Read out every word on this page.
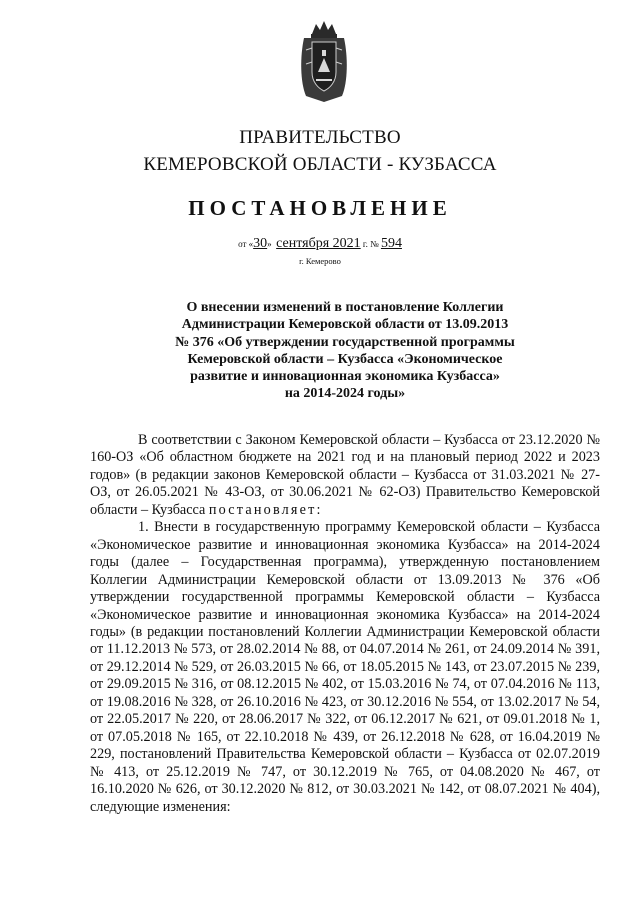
ПРАВИТЕЛЬСТВО
КЕМЕРОВСКОЙ ОБЛАСТИ - КУЗБАССА
ПОСТАНОВЛЕНИЕ
от «30» сентября 2021 г. № 594
г. Кемерово
О внесении изменений в постановление Коллегии
Администрации Кемеровской области от 13.09.2013
№ 376 «Об утверждении государственной программы
Кемеровской области – Кузбасса «Экономическое
развитие и инновационная экономика Кузбасса»
на 2014-2024 годы»

В соответствии с Законом Кемеровской области – Кузбасса от 23.12.2020 № 160-ОЗ «Об областном бюджете на 2021 год и на плановый период 2022 и 2023 годов» (в редакции законов Кемеровской области – Кузбасса от 31.03.2021 № 27-ОЗ, от 26.05.2021 № 43-ОЗ, от 30.06.2021 № 62-ОЗ) Правительство Кемеровской области – Кузбасса постановляет:

1. Внести в государственную программу Кемеровской области – Кузбасса «Экономическое развитие и инновационная экономика Кузбасса» на 2014-2024 годы (далее – Государственная программа), утвержденную постановлением Коллегии Администрации Кемеровской области от 13.09.2013 № 376 «Об утверждении государственной программы Кемеровской области – Кузбасса «Экономическое развитие и инновационная экономика Кузбасса» на 2014-2024 годы» (в редакции постановлений Коллегии Администрации Кемеровской области от 11.12.2013 № 573, от 28.02.2014 № 88, от 04.07.2014 № 261, от 24.09.2014 № 391, от 29.12.2014 № 529, от 26.03.2015 № 66, от 18.05.2015 № 143, от 23.07.2015 № 239, от 29.09.2015 № 316, от 08.12.2015 № 402, от 15.03.2016 № 74, от 07.04.2016 № 113, от 19.08.2016 № 328, от 26.10.2016 № 423, от 30.12.2016 № 554, от 13.02.2017 № 54, от 22.05.2017 № 220, от 28.06.2017 № 322, от 06.12.2017 № 621, от 09.01.2018 № 1, от 07.05.2018 № 165, от 22.10.2018 № 439, от 26.12.2018 № 628, от 16.04.2019 № 229, постановлений Правительства Кемеровской области – Кузбасса от 02.07.2019 № 413, от 25.12.2019 № 747, от 30.12.2019 № 765, от 04.08.2020 № 467, от 16.10.2020 № 626, от 30.12.2020 № 812, от 30.03.2021 № 142, от 08.07.2021 № 404), следующие изменения:
